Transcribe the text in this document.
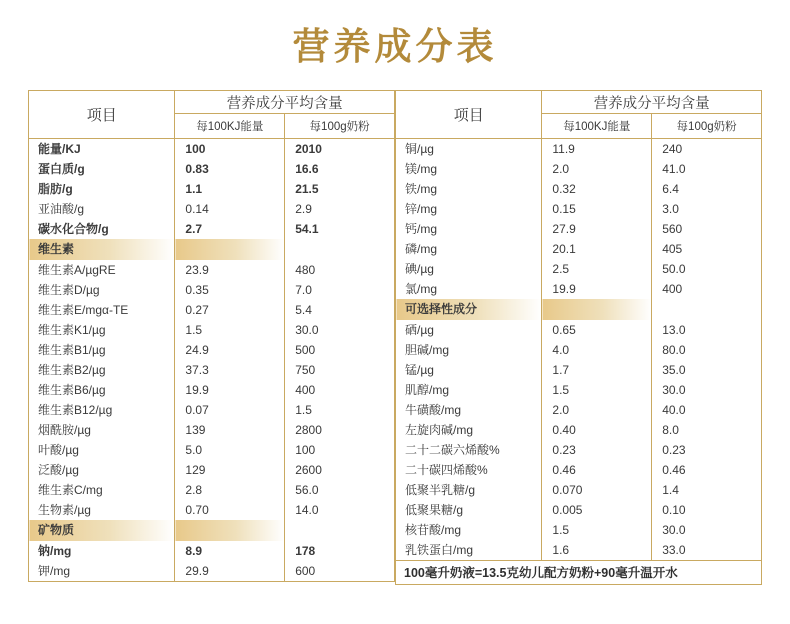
营养成分表
项目	营养成分平均含量	
	每100KJ能量	每100g奶粉
能量/KJ	100	2010
蛋白质/g	0.83	16.6
脂肪/g	1.1	21.5
亚油酸/g	0.14	2.9
碳水化合物/g	2.7	54.1
维生素		
维生素A/µgRE	23.9	480
维生素D/µg	0.35	7.0
维生素E/mgα-TE	0.27	5.4
维生素K1/µg	1.5	30.0
维生素B1/µg	24.9	500
维生素B2/µg	37.3	750
维生素B6/µg	19.9	400
维生素B12/µg	0.07	1.5
烟酰胺/µg	139	2800
叶酸/µg	5.0	100
泛酸/µg	129	2600
维生素C/mg	2.8	56.0
生物素/µg	0.70	14.0
矿物质		
钠/mg	8.9	178
钾/mg	29.9	600
项目	营养成分平均含量	
	每100KJ能量	每100g奶粉
铜/µg	11.9	240
镁/mg	2.0	41.0
铁/mg	0.32	6.4
锌/mg	0.15	3.0
钙/mg	27.9	560
磷/mg	20.1	405
碘/µg	2.5	50.0
氯/mg	19.9	400
可选择性成分		
硒/µg	0.65	13.0
胆碱/mg	4.0	80.0
锰/µg	1.7	35.0
肌醇/mg	1.5	30.0
牛磺酸/mg	2.0	40.0
左旋肉碱/mg	0.40	8.0
二十二碳六烯酸%	0.23	0.23
二十碳四烯酸%	0.46	0.46
低聚半乳糖/g	0.070	1.4
低聚果糖/g	0.005	0.10
核苷酸/mg	1.5	30.0
乳铁蛋白/mg	1.6	33.0
100毫升奶液=13.5克幼儿配方奶粉+90毫升温开水
